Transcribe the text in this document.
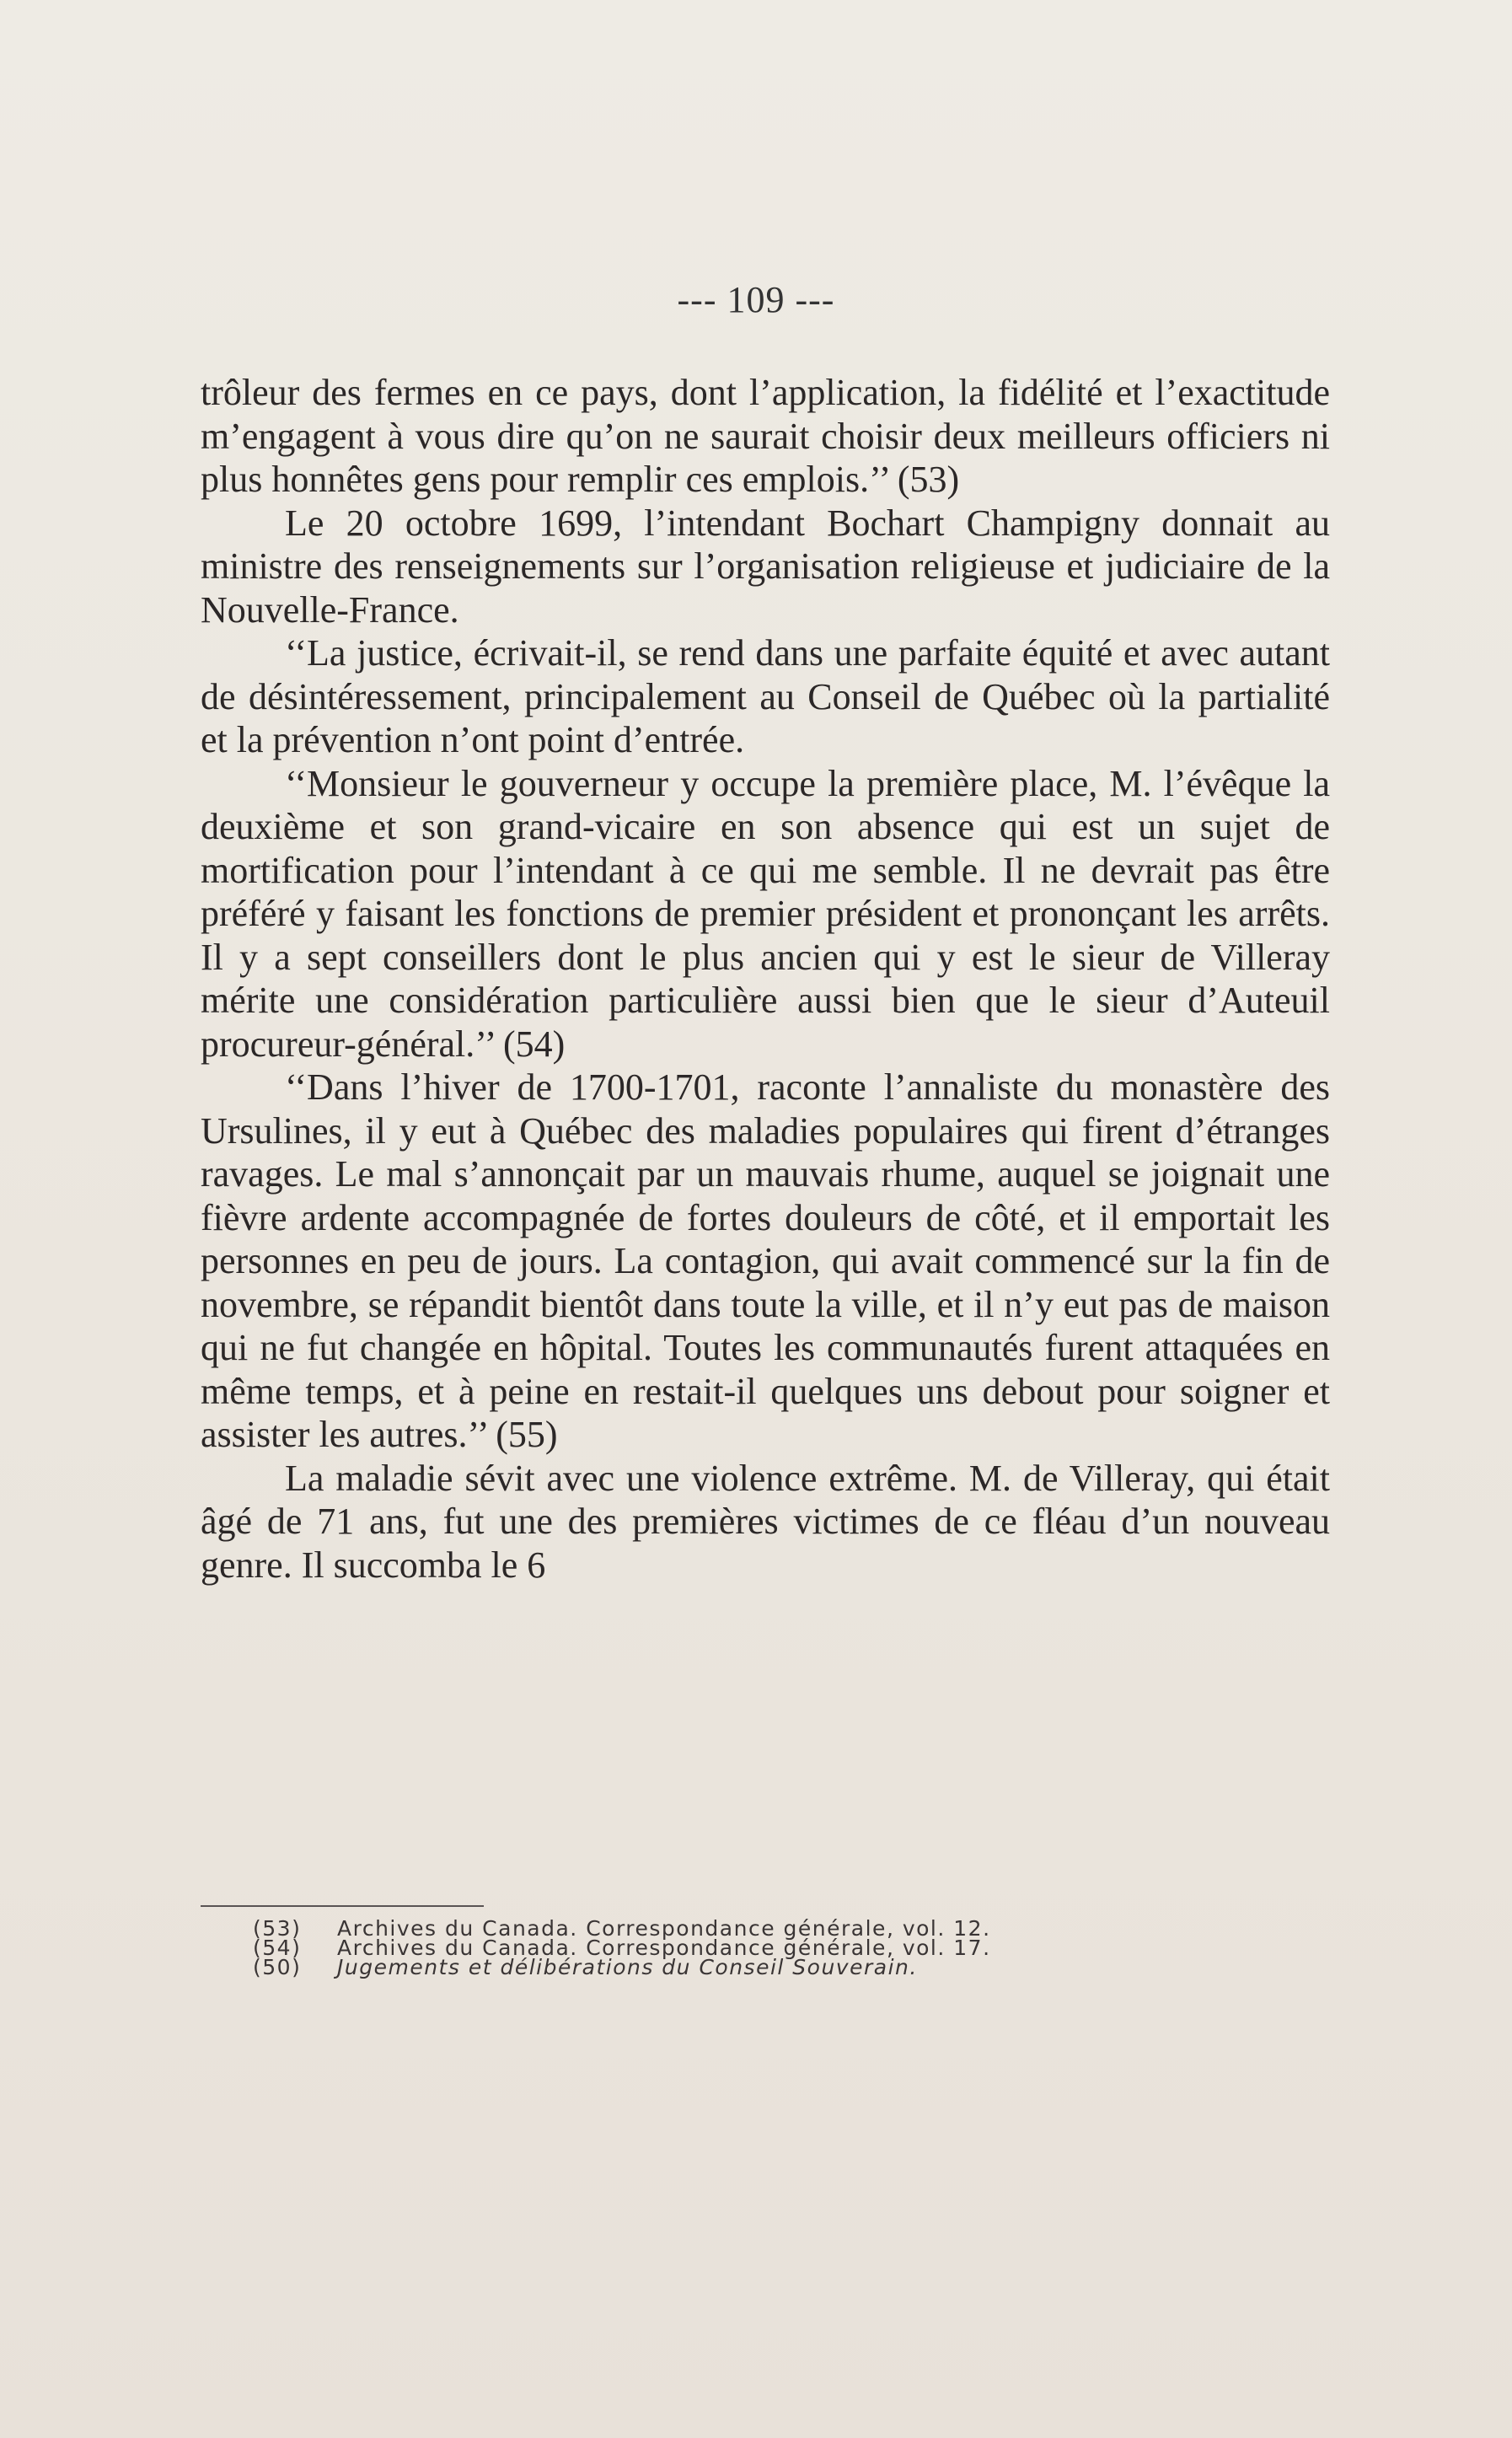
--- 109 ---

trôleur des fermes en ce pays, dont l’application, la fidélité et l’exactitude m’engagent à vous dire qu’on ne saurait choisir deux meilleurs officiers ni plus honnêtes gens pour remplir ces emplois.’’ (53)

Le 20 octobre 1699, l’intendant Bochart Champigny donnait au ministre des renseignements sur l’organisation religieuse et judiciaire de la Nouvelle-France.

‘‘La justice, écrivait-il, se rend dans une parfaite équité et avec autant de désintéressement, principalement au Conseil de Québec où la partialité et la prévention n’ont point d’entrée.

‘‘Monsieur le gouverneur y occupe la première place, M. l’évêque la deuxième et son grand-vicaire en son absence qui est un sujet de mortification pour l’intendant à ce qui me semble. Il ne devrait pas être préféré y faisant les fonctions de premier président et prononçant les arrêts. Il y a sept conseillers dont le plus ancien qui y est le sieur de Villeray mérite une considération particulière aussi bien que le sieur d’Auteuil procureur-général.’’ (54)

‘‘Dans l’hiver de 1700-1701, raconte l’annaliste du monastère des Ursulines, il y eut à Québec des maladies populaires qui firent d’étranges ravages. Le mal s’annonçait par un mauvais rhume, auquel se joignait une fièvre ardente accompagnée de fortes douleurs de côté, et il emportait les personnes en peu de jours. La contagion, qui avait commencé sur la fin de novembre, se répandit bientôt dans toute la ville, et il n’y eut pas de maison qui ne fut changée en hôpital. Toutes les communautés furent attaquées en même temps, et à peine en restait-il quelques uns debout pour soigner et assister les autres.’’ (55)

La maladie sévit avec une violence extrême. M. de Villeray, qui était âgé de 71 ans, fut une des premières victimes de ce fléau d’un nouveau genre. Il succomba le 6

(53)	Archives du Canada. Correspondance générale, vol. 12.
(54)	Archives du Canada. Correspondance générale, vol. 17.
(50)	Jugements et délibérations du Conseil Souverain.
